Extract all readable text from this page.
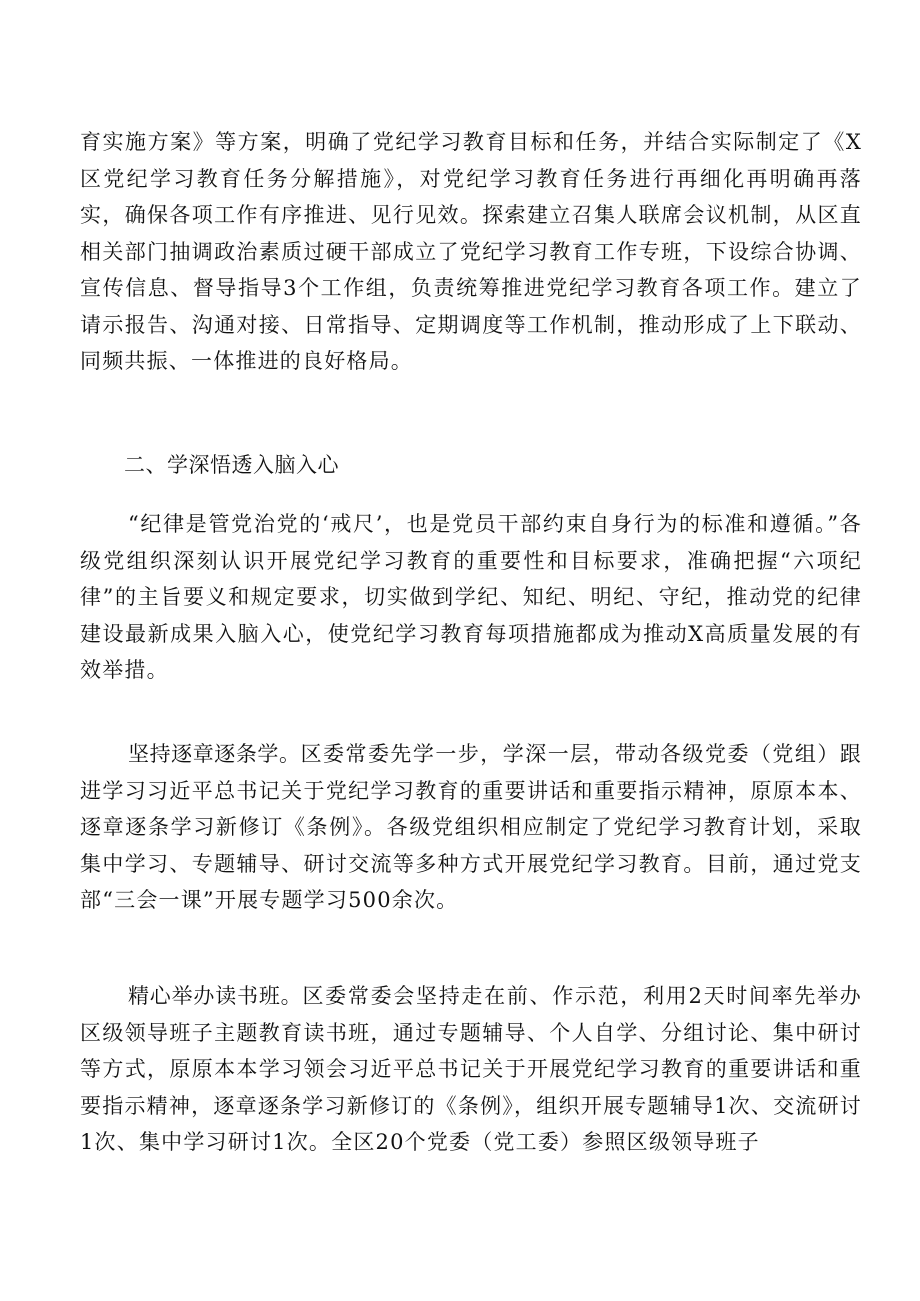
育实施方案》等方案，明确了党纪学习教育目标和任务，并结合实际制定了《X区党纪学习教育任务分解措施》，对党纪学习教育任务进行再细化再明确再落实，确保各项工作有序推进、见行见效。探索建立召集人联席会议机制，从区直相关部门抽调政治素质过硬干部成立了党纪学习教育工作专班，下设综合协调、宣传信息、督导指导3个工作组，负责统筹推进党纪学习教育各项工作。建立了请示报告、沟通对接、日常指导、定期调度等工作机制，推动形成了上下联动、同频共振、一体推进的良好格局。

二、学深悟透入脑入心

“纪律是管党治党的‘戒尺’，也是党员干部约束自身行为的标准和遵循。”各级党组织深刻认识开展党纪学习教育的重要性和目标要求，准确把握“六项纪律”的主旨要义和规定要求，切实做到学纪、知纪、明纪、守纪，推动党的纪律建设最新成果入脑入心，使党纪学习教育每项措施都成为推动X高质量发展的有效举措。

坚持逐章逐条学。区委常委先学一步，学深一层，带动各级党委（党组）跟进学习习近平总书记关于党纪学习教育的重要讲话和重要指示精神，原原本本、逐章逐条学习新修订《条例》。各级党组织相应制定了党纪学习教育计划，采取集中学习、专题辅导、研讨交流等多种方式开展党纪学习教育。目前，通过党支部“三会一课”开展专题学习500余次。

精心举办读书班。区委常委会坚持走在前、作示范，利用2天时间率先举办区级领导班子主题教育读书班，通过专题辅导、个人自学、分组讨论、集中研讨等方式，原原本本学习领会习近平总书记关于开展党纪学习教育的重要讲话和重要指示精神，逐章逐条学习新修订的《条例》，组织开展专题辅导1次、交流研讨1次、集中学习研讨1次。全区20个党委（党工委）参照区级领导班子
